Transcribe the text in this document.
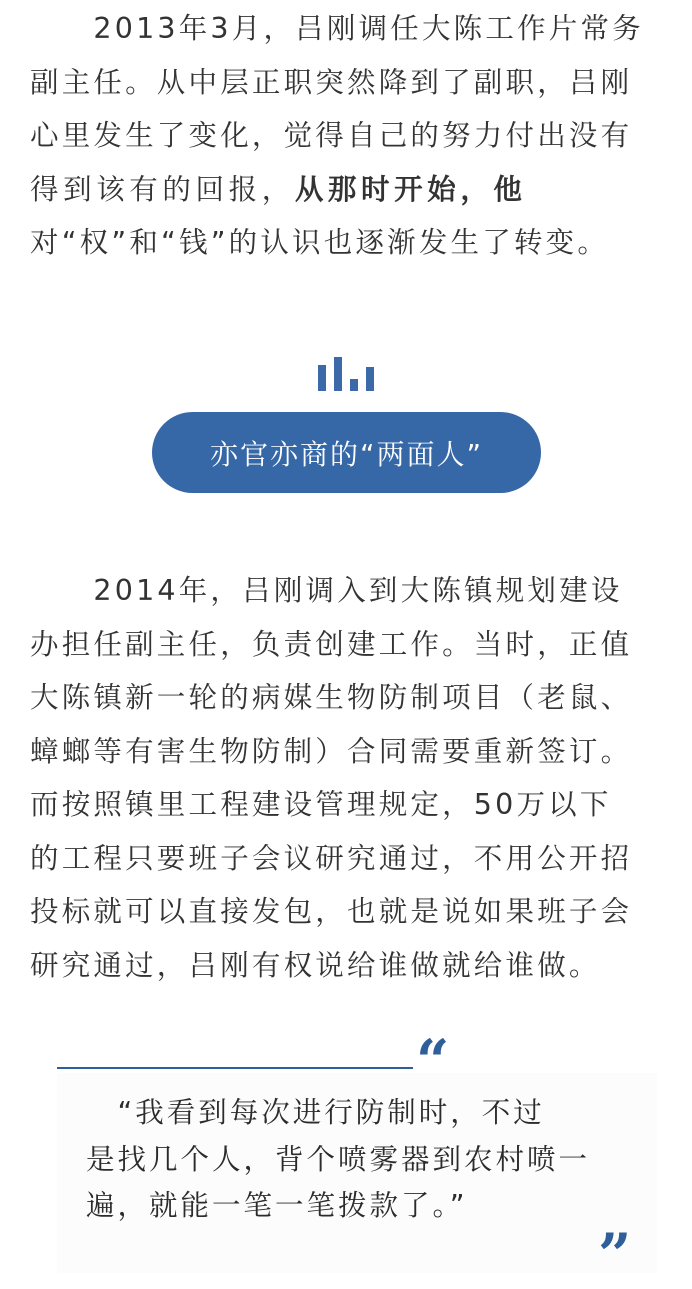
　　2013年3月，吕刚调任大陈工作片常务
副主任。从中层正职突然降到了副职，吕刚
心里发生了变化，觉得自己的努力付出没有
得到该有的回报，从那时开始，他
对“权”和“钱”的认识也逐渐发生了转变。
亦官亦商的“两面人”
　　2014年，吕刚调入到大陈镇规划建设
办担任副主任，负责创建工作。当时，正值
大陈镇新一轮的病媒生物防制项目（老鼠、
蟑螂等有害生物防制）合同需要重新签订。
而按照镇里工程建设管理规定，50万以下
的工程只要班子会议研究通过，不用公开招
投标就可以直接发包，也就是说如果班子会
研究通过，吕刚有权说给谁做就给谁做。
“
　“我看到每次进行防制时，不过
是找几个人，背个喷雾器到农村喷一
遍，就能一笔一笔拨款了。”
”
